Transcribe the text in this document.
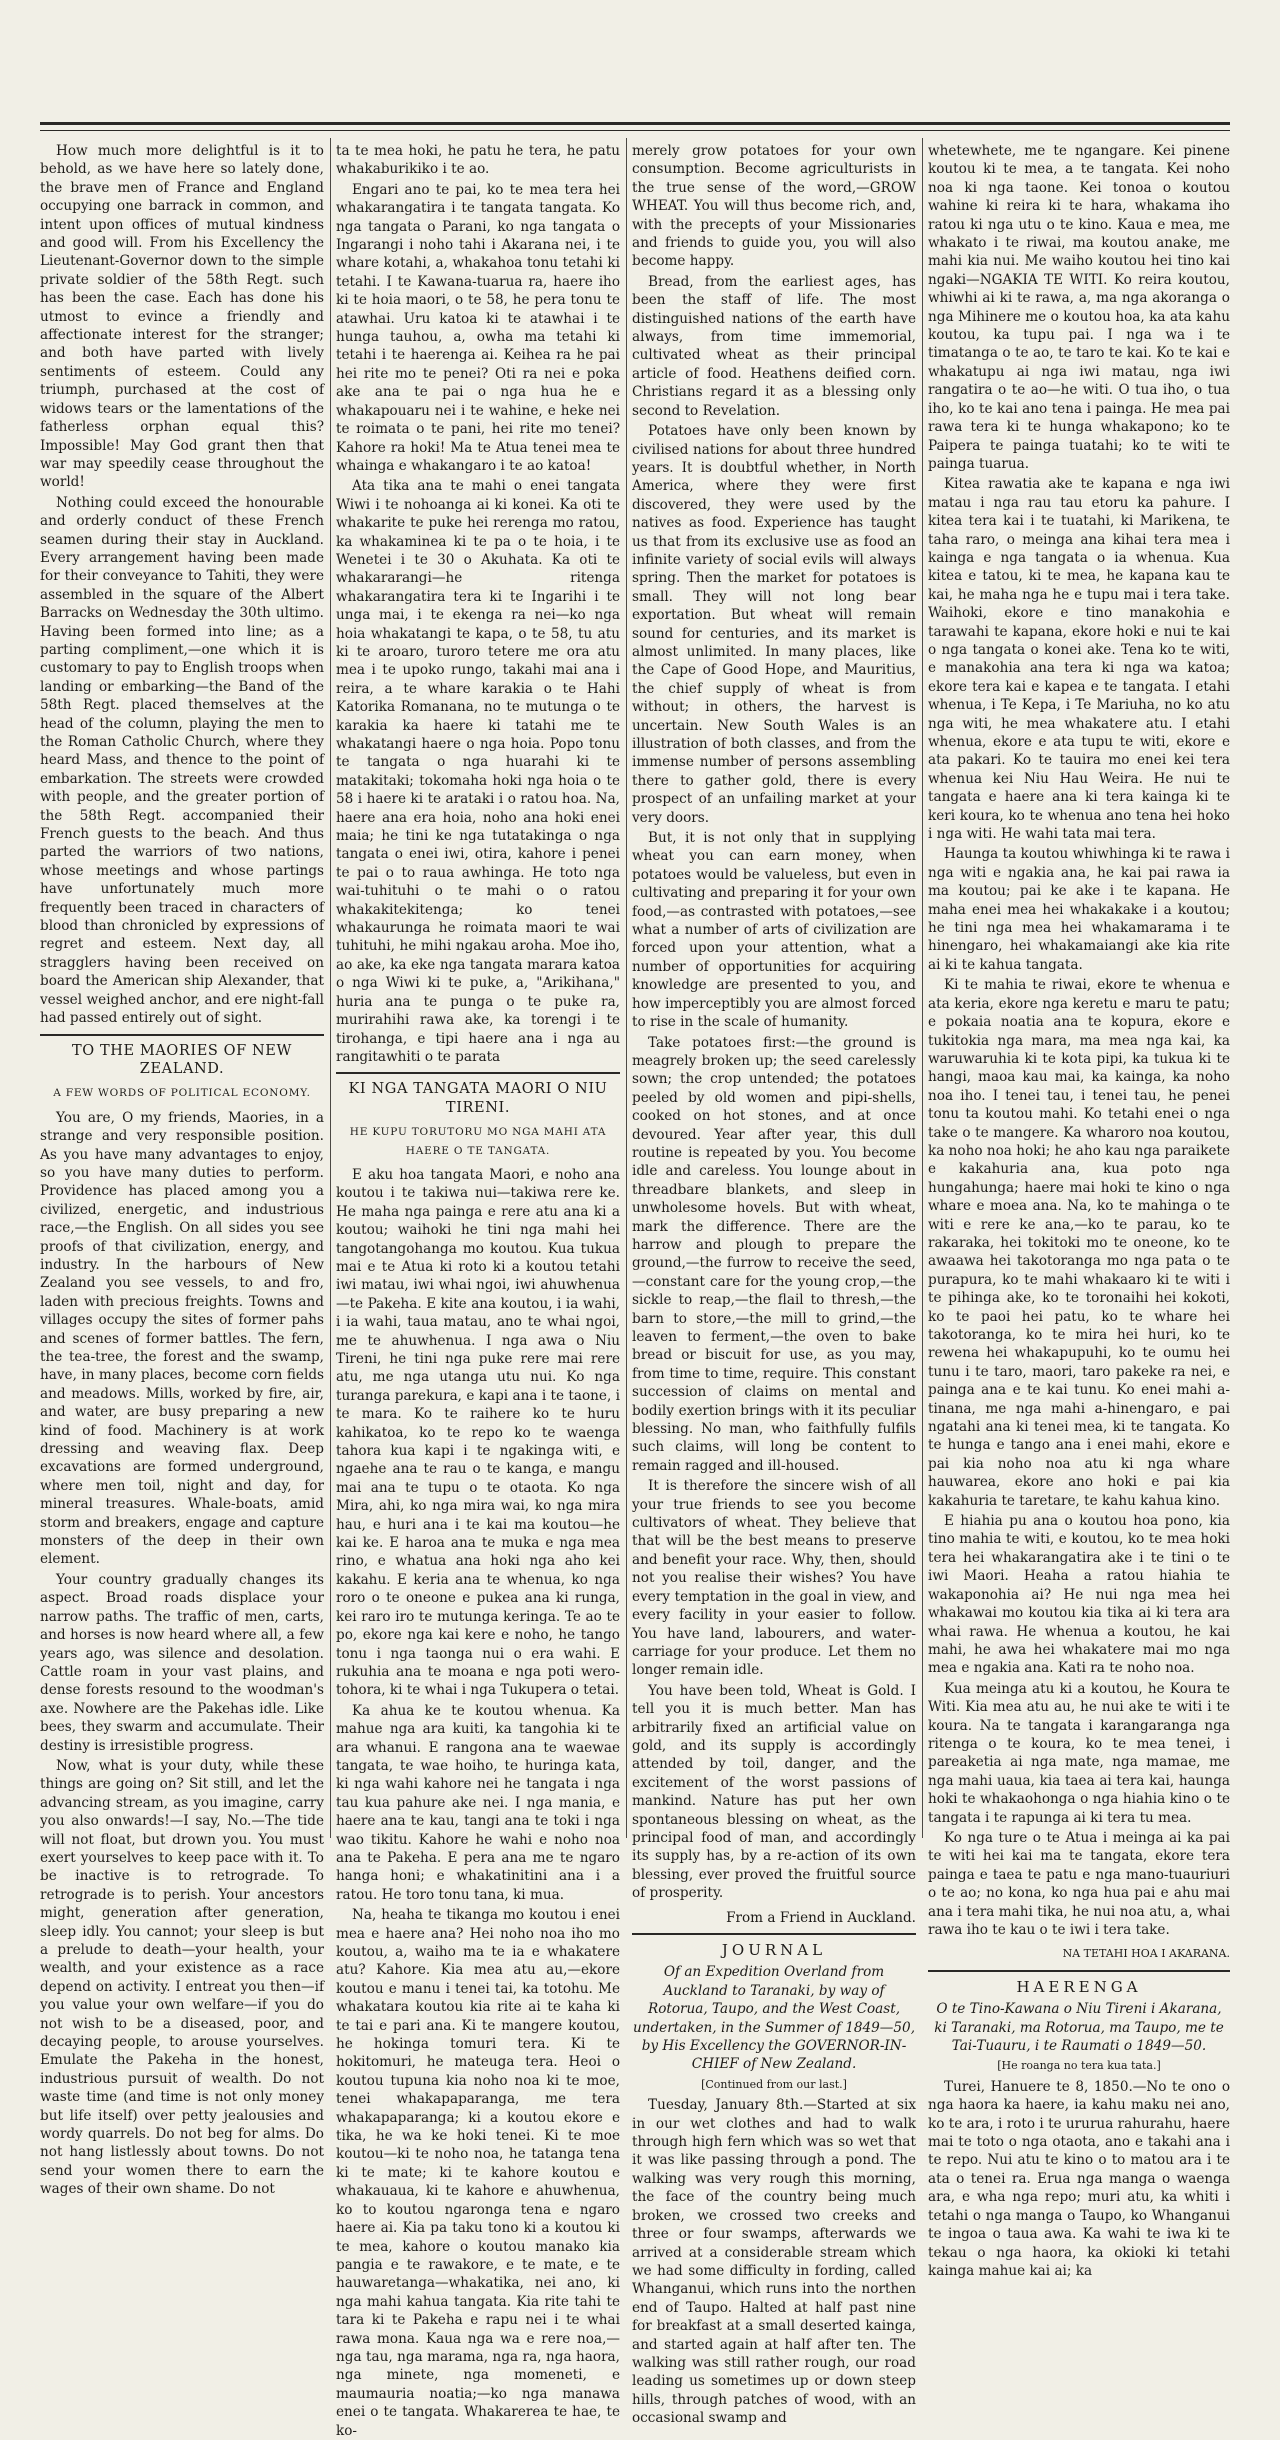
How much more delightful is it to behold, as we have here so lately done, the brave men of France and England occupying one barrack in common, and intent upon offices of mutual kindness and good will. From his Excellency the Lieutenant-Governor down to the simple private soldier of the 58th Regt. such has been the case. Each has done his utmost to evince a friendly and affectionate interest for the stranger; and both have parted with lively sentiments of esteem. Could any triumph, purchased at the cost of widows tears or the lamentations of the fatherless orphan equal this? Impossible! May God grant then that war may speedily cease throughout the world!

Nothing could exceed the honourable and orderly conduct of these French seamen during their stay in Auckland. Every arrangement having been made for their conveyance to Tahiti, they were assembled in the square of the Albert Barracks on Wednesday the 30th ultimo. Having been formed into line; as a parting compliment,—one which it is customary to pay to English troops when landing or embarking—the Band of the 58th Regt. placed themselves at the head of the column, playing the men to the Roman Catholic Church, where they heard Mass, and thence to the point of embarkation. The streets were crowded with people, and the greater portion of the 58th Regt. accompanied their French guests to the beach. And thus parted the warriors of two nations, whose meetings and whose partings have unfortunately much more frequently been traced in characters of blood than chronicled by expressions of regret and esteem. Next day, all stragglers having been received on board the American ship Alexander, that vessel weighed anchor, and ere night-fall had passed entirely out of sight.

TO THE MAORIES OF NEW ZEALAND.
A FEW WORDS OF POLITICAL ECONOMY.

You are, O my friends, Maories, in a strange and very responsible position. As you have many advantages to enjoy, so you have many duties to perform. Providence has placed among you a civilized, energetic, and industrious race,—the English. On all sides you see proofs of that civilization, energy, and industry. In the harbours of New Zealand you see vessels, to and fro, laden with precious freights. Towns and villages occupy the sites of former pahs and scenes of former battles. The fern, the tea-tree, the forest and the swamp, have, in many places, become corn fields and meadows. Mills, worked by fire, air, and water, are busy preparing a new kind of food. Machinery is at work dressing and weaving flax. Deep excavations are formed underground, where men toil, night and day, for mineral treasures. Whale-boats, amid storm and breakers, engage and capture monsters of the deep in their own element.

Your country gradually changes its aspect. Broad roads displace your narrow paths. The traffic of men, carts, and horses is now heard where all, a few years ago, was silence and desolation. Cattle roam in your vast plains, and dense forests resound to the woodman's axe. Nowhere are the Pakehas idle. Like bees, they swarm and accumulate. Their destiny is irresistible progress.

Now, what is your duty, while these things are going on? Sit still, and let the advancing stream, as you imagine, carry you also onwards!—I say, No.—The tide will not float, but drown you. You must exert yourselves to keep pace with it. To be inactive is to retrograde. To retrograde is to perish. Your ancestors might, generation after generation, sleep idly. You cannot; your sleep is but a prelude to death—your health, your wealth, and your existence as a race depend on activity. I entreat you then—if you value your own welfare—if you do not wish to be a diseased, poor, and decaying people, to arouse yourselves. Emulate the Pakeha in the honest, industrious pursuit of wealth. Do not waste time (and time is not only money but life itself) over petty jealousies and wordy quarrels. Do not beg for alms. Do not hang listlessly about towns. Do not send your women there to earn the wages of their own shame. Do not

ta te mea hoki, he patu he tera, he patu whakaburikiko i te ao.

Engari ano te pai, ko te mea tera hei whakarangatira i te tangata tangata. Ko nga tangata o Parani, ko nga tangata o Ingarangi i noho tahi i Akarana nei, i te whare kotahi, a, whakahoa tonu tetahi ki tetahi. I te Kawana-tuarua ra, haere iho ki te hoia maori, o te 58, he pera tonu te atawhai. Uru katoa ki te atawhai i te hunga tauhou, a, owha ma tetahi ki tetahi i te haerenga ai. Keihea ra he pai hei rite mo te penei? Oti ra nei e poka ake ana te pai o nga hua he e whakapouaru nei i te wahine, e heke nei te roimata o te pani, hei rite mo tenei? Kahore ra hoki! Ma te Atua tenei mea te whainga e whakangaro i te ao katoa!

Ata tika ana te mahi o enei tangata Wiwi i te nohoanga ai ki konei. Ka oti te whakarite te puke hei rerenga mo ratou, ka whakaminea ki te pa o te hoia, i te Wenetei i te 30 o Akuhata. Ka oti te whakararangi—he ritenga whakarangatira tera ki te Ingarihi i te unga mai, i te ekenga ra nei—ko nga hoia whakatangi te kapa, o te 58, tu atu ki te aroaro, turoro tetere me ora atu mea i te upoko rungo, takahi mai ana i reira, a te whare karakia o te Hahi Katorika Romanana, no te mutunga o te karakia ka haere ki tatahi me te whakatangi haere o nga hoia. Popo tonu te tangata o nga huarahi ki te matakitaki; tokomaha hoki nga hoia o te 58 i haere ki te arataki i o ratou hoa. Na, haere ana era hoia, noho ana hoki enei maia; he tini ke nga tutatakinga o nga tangata o enei iwi, otira, kahore i penei te pai o to raua awhinga. He toto nga wai-tuhituhi o te mahi o o ratou whakakitekitenga; ko tenei whakaurunga he roimata maori te wai tuhituhi, he mihi ngakau aroha. Moe iho, ao ake, ka eke nga tangata marara katoa o nga Wiwi ki te puke, a, "Arikihana," huria ana te punga o te puke ra, murirahihi rawa ake, ka torengi i te tirohanga, e tipi haere ana i nga au rangitawhiti o te parata

KI NGA TANGATA MAORI O NIU TIRENI.
HE KUPU TORUTORU MO NGA MAHI ATA HAERE O TE TANGATA.

E aku hoa tangata Maori, e noho ana koutou i te takiwa nui—takiwa rere ke. He maha nga painga e rere atu ana ki a koutou; waihoki he tini nga mahi hei tangotangohanga mo koutou. Kua tukua mai e te Atua ki roto ki a koutou tetahi iwi matau, iwi whai ngoi, iwi ahuwhenua—te Pakeha. E kite ana koutou, i ia wahi, i ia wahi, taua matau, ano te whai ngoi, me te ahuwhenua. I nga awa o Niu Tireni, he tini nga puke rere mai rere atu, me nga utanga utu nui. Ko nga turanga parekura, e kapi ana i te taone, i te mara. Ko te raihere ko te huru kahikatoa, ko te repo ko te waenga tahora kua kapi i te ngakinga witi, e ngaehe ana te rau o te kanga, e mangu mai ana te tupu o te otaota. Ko nga Mira, ahi, ko nga mira wai, ko nga mira hau, e huri ana i te kai ma koutou—he kai ke. E haroa ana te muka e nga mea rino, e whatua ana hoki nga aho kei kakahu. E keria ana te whenua, ko nga roro o te oneone e pukea ana ki runga, kei raro iro te mutunga keringa. Te ao te po, ekore nga kai kere e noho, he tango tonu i nga taonga nui o era wahi. E rukuhia ana te moana e nga poti wero-tohora, ki te whai i nga Tukupera o tetai.

Ka ahua ke te koutou whenua. Ka mahue nga ara kuiti, ka tangohia ki te ara whanui. E rangona ana te waewae tangata, te wae hoiho, te huringa kata, ki nga wahi kahore nei he tangata i nga tau kua pahure ake nei. I nga mania, e haere ana te kau, tangi ana te toki i nga wao tikitu. Kahore he wahi e noho noa ana te Pakeha. E pera ana me te ngaro hanga honi; e whakatinitini ana i a ratou. He toro tonu tana, ki mua.

Na, heaha te tikanga mo koutou i enei mea e haere ana? Hei noho noa iho mo koutou, a, waiho ma te ia e whakatere atu? Kahore. Kia mea atu au,—ekore koutou e manu i tenei tai, ka totohu. Me whakatara koutou kia rite ai te kaha ki te tai e pari ana. Ki te mangere koutou, he hokinga tomuri tera. Ki te hokitomuri, he mateuga tera. Heoi o koutou tupuna kia noho noa ki te moe, tenei whakapaparanga, me tera whakapaparanga; ki a koutou ekore e tika, he wa ke hoki tenei. Ki te moe koutou—ki te noho noa, he tatanga tena ki te mate; ki te kahore koutou e whakauaua, ki te kahore e ahuwhenua, ko to koutou ngaronga tena e ngaro haere ai. Kia pa taku tono ki a koutou ki te mea, kahore o koutou manako kia pangia e te rawakore, e te mate, e te hauwaretanga—whakatika, nei ano, ki nga mahi kahua tangata. Kia rite tahi te tara ki te Pakeha e rapu nei i te whai rawa mona. Kaua nga wa e rere noa,—nga tau, nga marama, nga ra, nga haora, nga minete, nga momeneti, e maumauria noatia;—ko nga manawa enei o te tangata. Whakarerea te hae, te ko-

merely grow potatoes for your own consumption. Become agriculturists in the true sense of the word,—GROW WHEAT. You will thus become rich, and, with the precepts of your Missionaries and friends to guide you, you will also become happy.

Bread, from the earliest ages, has been the staff of life. The most distinguished nations of the earth have always, from time immemorial, cultivated wheat as their principal article of food. Heathens deified corn. Christians regard it as a blessing only second to Revelation.

Potatoes have only been known by civilised nations for about three hundred years. It is doubtful whether, in North America, where they were first discovered, they were used by the natives as food. Experience has taught us that from its exclusive use as food an infinite variety of social evils will always spring. Then the market for potatoes is small. They will not long bear exportation. But wheat will remain sound for centuries, and its market is almost unlimited. In many places, like the Cape of Good Hope, and Mauritius, the chief supply of wheat is from without; in others, the harvest is uncertain. New South Wales is an illustration of both classes, and from the immense number of persons assembling there to gather gold, there is every prospect of an unfailing market at your very doors.

But, it is not only that in supplying wheat you can earn money, when potatoes would be valueless, but even in cultivating and preparing it for your own food,—as contrasted with potatoes,—see what a number of arts of civilization are forced upon your attention, what a number of opportunities for acquiring knowledge are presented to you, and how imperceptibly you are almost forced to rise in the scale of humanity.

Take potatoes first:—the ground is meagrely broken up; the seed carelessly sown; the crop untended; the potatoes peeled by old women and pipi-shells, cooked on hot stones, and at once devoured. Year after year, this dull routine is repeated by you. You become idle and careless. You lounge about in threadbare blankets, and sleep in unwholesome hovels. But with wheat, mark the difference. There are the harrow and plough to prepare the ground,—the furrow to receive the seed,—constant care for the young crop,—the sickle to reap,—the flail to thresh,—the barn to store,—the mill to grind,—the leaven to ferment,—the oven to bake bread or biscuit for use, as you may, from time to time, require. This constant succession of claims on mental and bodily exertion brings with it its peculiar blessing. No man, who faithfully fulfils such claims, will long be content to remain ragged and ill-housed.

It is therefore the sincere wish of all your true friends to see you become cultivators of wheat. They believe that that will be the best means to preserve and benefit your race. Why, then, should not you realise their wishes? You have every temptation in the goal in view, and every facility in your easier to follow. You have land, labourers, and water-carriage for your produce. Let them no longer remain idle.

You have been told, Wheat is Gold. I tell you it is much better. Man has arbitrarily fixed an artificial value on gold, and its supply is accordingly attended by toil, danger, and the excitement of the worst passions of mankind. Nature has put her own spontaneous blessing on wheat, as the principal food of man, and accordingly its supply has, by a re-action of its own blessing, ever proved the fruitful source of prosperity.

From a Friend in Auckland.
JOURNAL

Of an Expedition Overland from Auckland to Taranaki, by way of Rotorua, Taupo, and the West Coast, undertaken, in the Summer of 1849—50, by His Excellency the GOVERNOR-IN-CHIEF of New Zealand.

[Continued from our last.]

Tuesday, January 8th.—Started at six in our wet clothes and had to walk through high fern which was so wet that it was like passing through a pond. The walking was very rough this morning, the face of the country being much broken, we crossed two creeks and three or four swamps, afterwards we arrived at a considerable stream which we had some difficulty in fording, called Whanganui, which runs into the northen end of Taupo. Halted at half past nine for breakfast at a small deserted kainga, and started again at half after ten. The walking was still rather rough, our road leading us sometimes up or down steep hills, through patches of wood, with an occasional swamp and

whetewhete, me te ngangare. Kei pinene koutou ki te mea, a te tangata. Kei noho noa ki nga taone. Kei tonoa o koutou wahine ki reira ki te hara, whakama iho ratou ki nga utu o te kino. Kaua e mea, me whakato i te riwai, ma koutou anake, me mahi kia nui. Me waiho koutou hei tino kai ngaki—NGAKIA TE WITI. Ko reira koutou, whiwhi ai ki te rawa, a, ma nga akoranga o nga Mihinere me o koutou hoa, ka ata kahu koutou, ka tupu pai. I nga wa i te timatanga o te ao, te taro te kai. Ko te kai e whakatupu ai nga iwi matau, nga iwi rangatira o te ao—he witi. O tua iho, o tua iho, ko te kai ano tena i painga. He mea pai rawa tera ki te hunga whakapono; ko te Paipera te painga tuatahi; ko te witi te painga tuarua.

Kitea rawatia ake te kapana e nga iwi matau i nga rau tau etoru ka pahure. I kitea tera kai i te tuatahi, ki Marikena, te taha raro, o meinga ana kihai tera mea i kainga e nga tangata o ia whenua. Kua kitea e tatou, ki te mea, he kapana kau te kai, he maha nga he e tupu mai i tera take. Waihoki, ekore e tino manakohia e tarawahi te kapana, ekore hoki e nui te kai o nga tangata o konei ake. Tena ko te witi, e manakohia ana tera ki nga wa katoa; ekore tera kai e kapea e te tangata. I etahi whenua, i Te Kepa, i Te Mariuha, no ko atu nga witi, he mea whakatere atu. I etahi whenua, ekore e ata tupu te witi, ekore e ata pakari. Ko te tauira mo enei kei tera whenua kei Niu Hau Weira. He nui te tangata e haere ana ki tera kainga ki te keri koura, ko te whenua ano tena hei hoko i nga witi. He wahi tata mai tera.

Haunga ta koutou whiwhinga ki te rawa i nga witi e ngakia ana, he kai pai rawa ia ma koutou; pai ke ake i te kapana. He maha enei mea hei whakakake i a koutou; he tini nga mea hei whakamarama i te hinengaro, hei whakamaiangi ake kia rite ai ki te kahua tangata.

Ki te mahia te riwai, ekore te whenua e ata keria, ekore nga keretu e maru te patu; e pokaia noatia ana te kopura, ekore e tukitokia nga mara, ma mea nga kai, ka waruwaruhia ki te kota pipi, ka tukua ki te hangi, maoa kau mai, ka kainga, ka noho noa iho. I tenei tau, i tenei tau, he penei tonu ta koutou mahi. Ko tetahi enei o nga take o te mangere. Ka wharoro noa koutou, ka noho noa hoki; he aho kau nga paraikete e kakahuria ana, kua poto nga hungahunga; haere mai hoki te kino o nga whare e moea ana. Na, ko te mahinga o te witi e rere ke ana,—ko te parau, ko te rakaraka, hei tokitoki mo te oneone, ko te awaawa hei takotoranga mo nga pata o te purapura, ko te mahi whakaaro ki te witi i te pihinga ake, ko te toronaihi hei kokoti, ko te paoi hei patu, ko te whare hei takotoranga, ko te mira hei huri, ko te rewena hei whakapupuhi, ko te oumu hei tunu i te taro, maori, taro pakeke ra nei, e painga ana e te kai tunu. Ko enei mahi a-tinana, me nga mahi a-hinengaro, e pai ngatahi ana ki tenei mea, ki te tangata. Ko te hunga e tango ana i enei mahi, ekore e pai kia noho noa atu ki nga whare hauwarea, ekore ano hoki e pai kia kakahuria te taretare, te kahu kahua kino.

E hiahia pu ana o koutou hoa pono, kia tino mahia te witi, e koutou, ko te mea hoki tera hei whakarangatira ake i te tini o te iwi Maori. Heaha a ratou hiahia te wakaponohia ai? He nui nga mea hei whakawai mo koutou kia tika ai ki tera ara whai rawa. He whenua a koutou, he kai mahi, he awa hei whakatere mai mo nga mea e ngakia ana. Kati ra te noho noa.

Kua meinga atu ki a koutou, he Koura te Witi. Kia mea atu au, he nui ake te witi i te koura. Na te tangata i karangaranga nga ritenga o te koura, ko te mea tenei, i pareaketia ai nga mate, nga mamae, me nga mahi uaua, kia taea ai tera kai, haunga hoki te whakaohonga o nga hiahia kino o te tangata i te rapunga ai ki tera tu mea.

Ko nga ture o te Atua i meinga ai ka pai te witi hei kai ma te tangata, ekore tera painga e taea te patu e nga mano-tuauriuri o te ao; no kona, ko nga hua pai e ahu mai ana i tera mahi tika, he nui noa atu, a, whai rawa iho te kau o te iwi i tera take.

NA TETAHI HOA I AKARANA.
HAERENGA

O te Tino-Kawana o Niu Tireni i Akarana, ki Taranaki, ma Rotorua, ma Taupo, me te Tai-Tuauru, i te Raumati o 1849—50.

[He roanga no tera kua tata.]

Turei, Hanuere te 8, 1850.—No te ono o nga haora ka haere, ia kahu maku nei ano, ko te ara, i roto i te ururua rahurahu, haere mai te toto o nga otaota, ano e takahi ana i te repo. Nui atu te kino o to matou ara i te ata o tenei ra. Erua nga manga o waenga ara, e wha nga repo; muri atu, ka whiti i tetahi o nga manga o Taupo, ko Whanganui te ingoa o taua awa. Ka wahi te iwa ki te tekau o nga haora, ka okioki ki tetahi kainga mahue kai ai; ka
